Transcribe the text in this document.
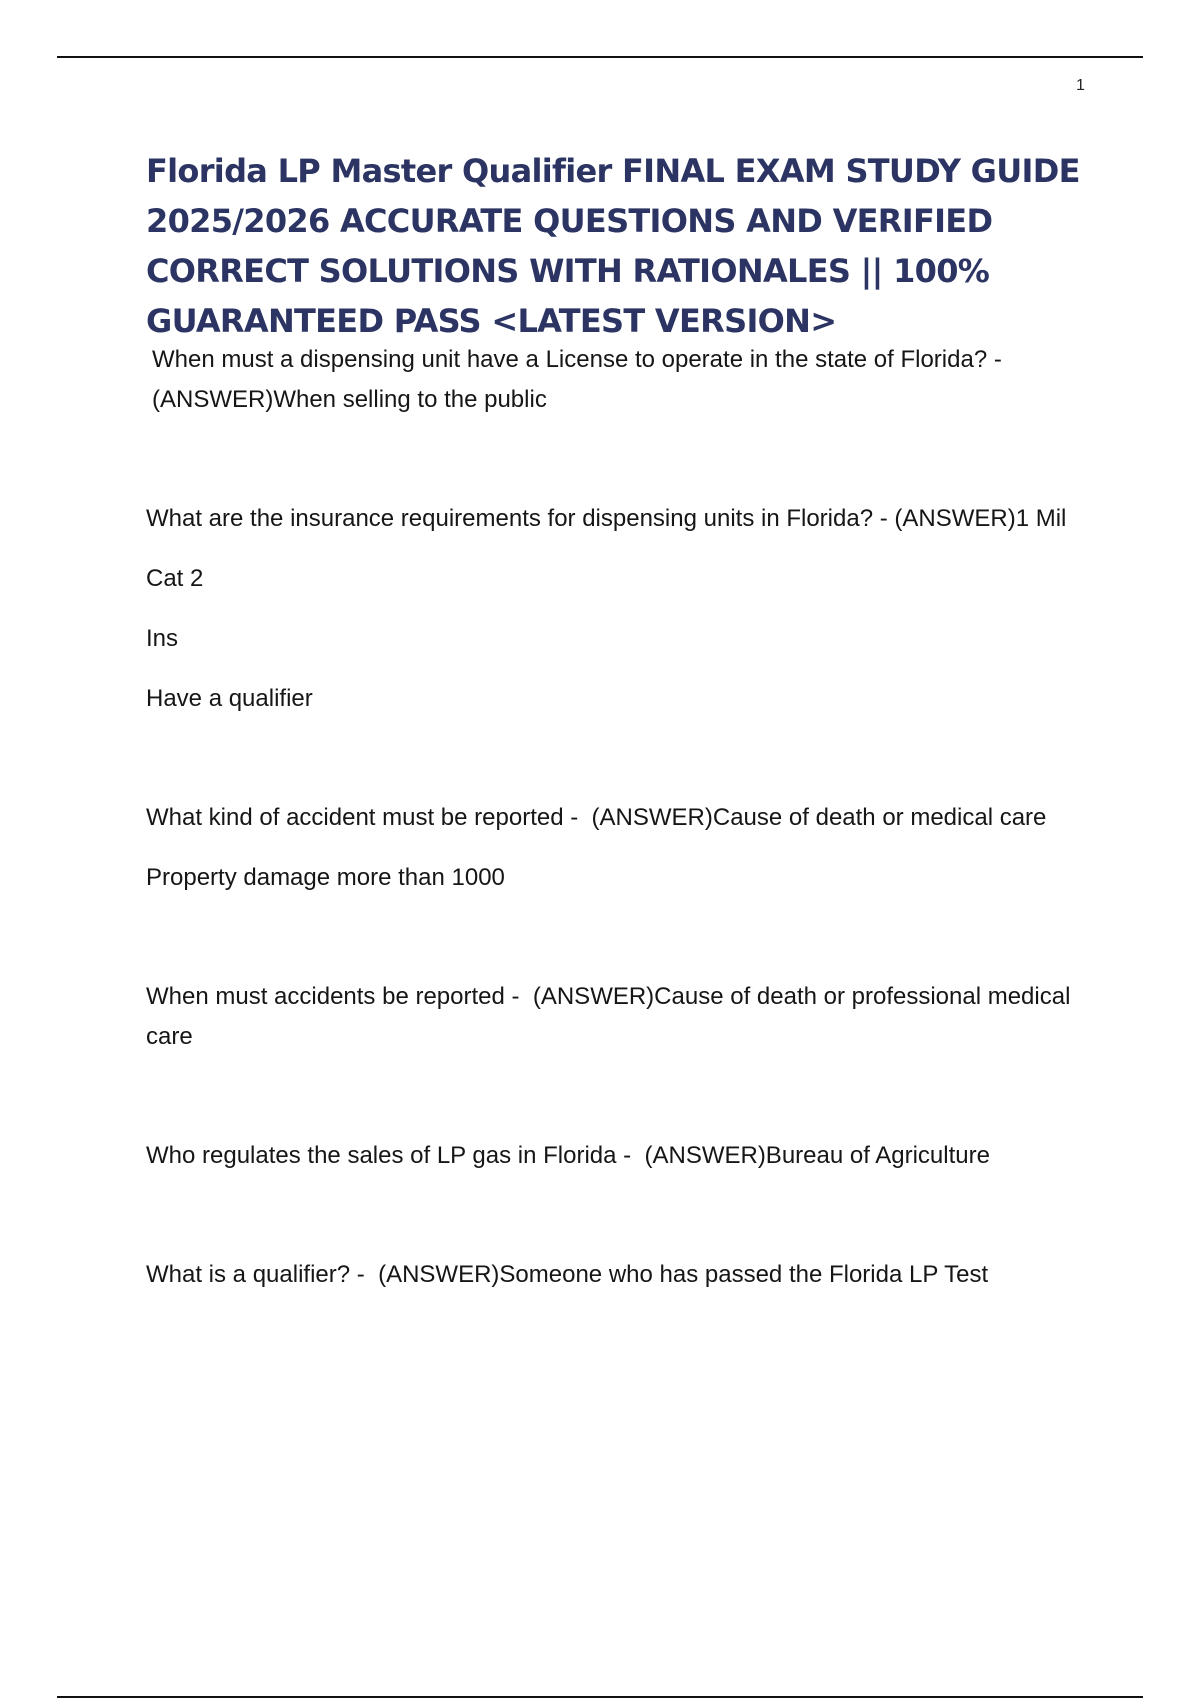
1
Florida LP Master Qualifier FINAL EXAM STUDY GUIDE 2025/2026 ACCURATE QUESTIONS AND VERIFIED CORRECT SOLUTIONS WITH RATIONALES || 100% GUARANTEED PASS <LATEST VERSION>

When must a dispensing unit have a License to operate in the state of Florida? - (ANSWER)When selling to the public

What are the insurance requirements for dispensing units in Florida? - (ANSWER)1 Mil

Cat 2

Ins

Have a qualifier

What kind of accident must be reported -  (ANSWER)Cause of death or medical care

Property damage more than 1000

When must accidents be reported -  (ANSWER)Cause of death or professional medical care

Who regulates the sales of LP gas in Florida -  (ANSWER)Bureau of Agriculture

What is a qualifier? -  (ANSWER)Someone who has passed the Florida LP Test
